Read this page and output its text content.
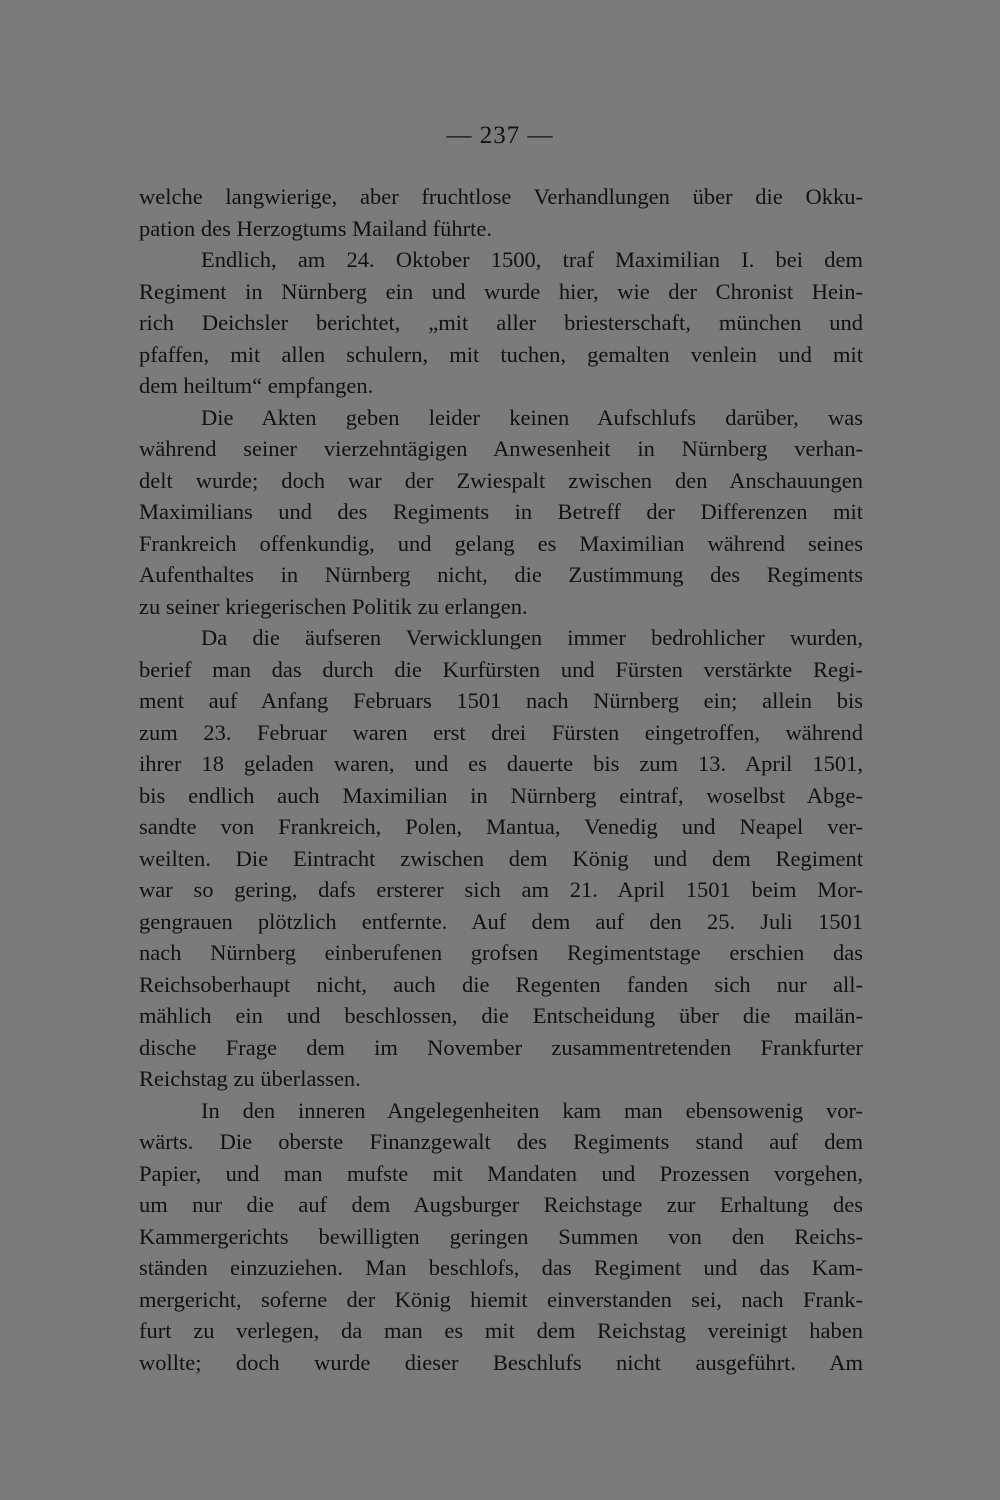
— 237 —
welche langwierige, aber fruchtlose Verhandlungen über die Okku-
pation des Herzogtums Mailand führte.
Endlich, am 24. Oktober 1500, traf Maximilian I. bei dem
Regiment in Nürnberg ein und wurde hier, wie der Chronist Hein-
rich Deichsler berichtet, „mit aller briesterschaft, münchen und
pfaffen, mit allen schulern, mit tuchen, gemalten venlein und mit
dem heiltum“ empfangen.
Die Akten geben leider keinen Aufschlufs darüber, was
während seiner vierzehntägigen Anwesenheit in Nürnberg verhan-
delt wurde; doch war der Zwiespalt zwischen den Anschauungen
Maximilians und des Regiments in Betreff der Differenzen mit
Frankreich offenkundig, und gelang es Maximilian während seines
Aufenthaltes in Nürnberg nicht, die Zustimmung des Regiments
zu seiner kriegerischen Politik zu erlangen.
Da die äufseren Verwicklungen immer bedrohlicher wurden,
berief man das durch die Kurfürsten und Fürsten verstärkte Regi-
ment auf Anfang Februars 1501 nach Nürnberg ein; allein bis
zum 23. Februar waren erst drei Fürsten eingetroffen, während
ihrer 18 geladen waren, und es dauerte bis zum 13. April 1501,
bis endlich auch Maximilian in Nürnberg eintraf, woselbst Abge-
sandte von Frankreich, Polen, Mantua, Venedig und Neapel ver-
weilten. Die Eintracht zwischen dem König und dem Regiment
war so gering, dafs ersterer sich am 21. April 1501 beim Mor-
gengrauen plötzlich entfernte. Auf dem auf den 25. Juli 1501
nach Nürnberg einberufenen grofsen Regimentstage erschien das
Reichsoberhaupt nicht, auch die Regenten fanden sich nur all-
mählich ein und beschlossen, die Entscheidung über die mailän-
dische Frage dem im November zusammentretenden Frankfurter
Reichstag zu überlassen.
In den inneren Angelegenheiten kam man ebensowenig vor-
wärts. Die oberste Finanzgewalt des Regiments stand auf dem
Papier, und man mufste mit Mandaten und Prozessen vorgehen,
um nur die auf dem Augsburger Reichstage zur Erhaltung des
Kammergerichts bewilligten geringen Summen von den Reichs-
ständen einzuziehen. Man beschlofs, das Regiment und das Kam-
mergericht, soferne der König hiemit einverstanden sei, nach Frank-
furt zu verlegen, da man es mit dem Reichstag vereinigt haben
wollte; doch wurde dieser Beschlufs nicht ausgeführt. Am
